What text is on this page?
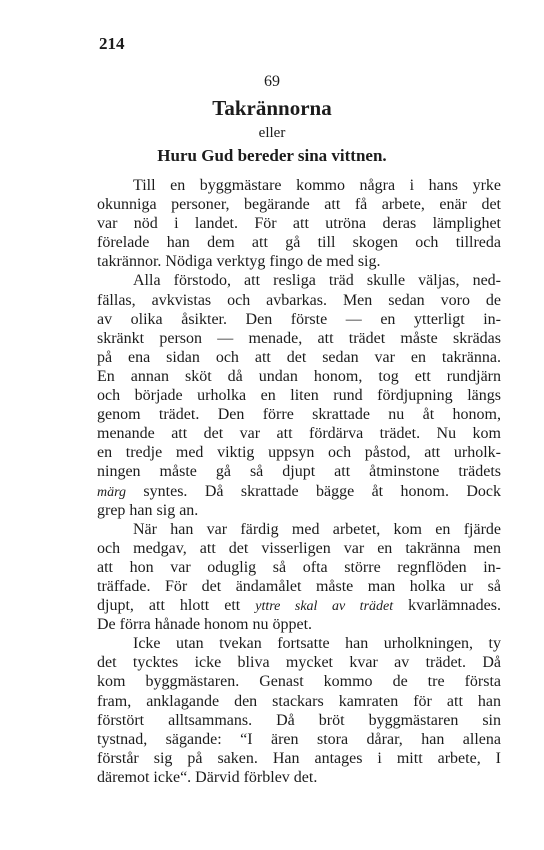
214
69
Takrännorna
eller
Huru Gud bereder sina vittnen.
Till en byggmästare kommo några i hans yrke
okunniga personer, begärande att få arbete, enär det
var nöd i landet. För att utröna deras lämplighet
förelade han dem att gå till skogen och tillreda
takrännor. Nödiga verktyg fingo de med sig.
Alla förstodo, att resliga träd skulle väljas, ned-
fällas, avkvistas och avbarkas. Men sedan voro de
av olika åsikter. Den förste — en ytterligt in-
skränkt person — menade, att trädet måste skrädas
på ena sidan och att det sedan var en takränna.
En annan sköt då undan honom, tog ett rundjärn
och började urholka en liten rund fördjupning längs
genom trädet. Den förre skrattade nu åt honom,
menande att det var att fördärva trädet. Nu kom
en tredje med viktig uppsyn och påstod, att urholk-
ningen måste gå så djupt att åtminstone trädets
märg syntes. Då skrattade bägge åt honom. Dock
grep han sig an.
När han var färdig med arbetet, kom en fjärde
och medgav, att det visserligen var en takränna men
att hon var oduglig så ofta större regnflöden in-
träffade. För det ändamålet måste man holka ur så
djupt, att hlott ett yttre skal av trädet kvarlämnades.
De förra hånade honom nu öppet.
Icke utan tvekan fortsatte han urholkningen, ty
det tycktes icke bliva mycket kvar av trädet. Då
kom byggmästaren. Genast kommo de tre första
fram, anklagande den stackars kamraten för att han
förstört alltsammans. Då bröt byggmästaren sin
tystnad, sägande: “I ären stora dårar, han allena
förstår sig på saken. Han antages i mitt arbete, I
däremot icke“. Därvid förblev det.
